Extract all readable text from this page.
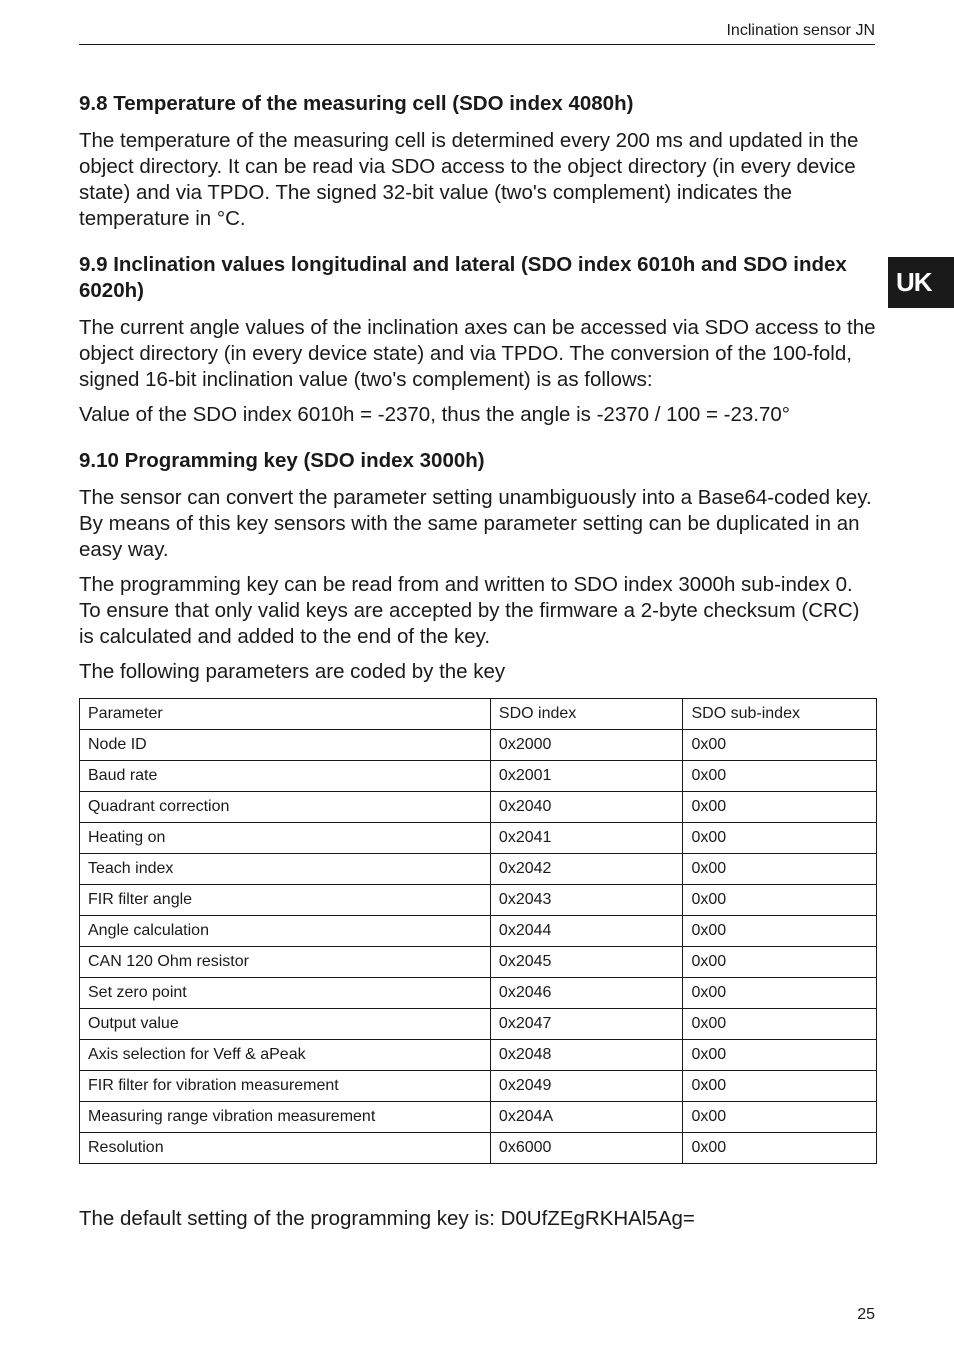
Inclination sensor JN
UK
9.8 Temperature of the measuring cell (SDO index 4080h)

The temperature of the measuring cell is determined every 200 ms and updated in the object directory. It can be read via SDO access to the object directory (in every device state) and via TPDO. The signed 32-bit value (two's complement) indicates the temperature in °C.

9.9 Inclination values longitudinal and lateral (SDO index 6010h and SDO index 6020h)

The current angle values of the inclination axes can be accessed via SDO access to the object directory (in every device state) and via TPDO. The conversion of the 100-fold, signed 16-bit inclination value (two's complement) is as follows:

Value of the SDO index 6010h = -2370, thus the angle is -2370 / 100 = -23.70°

9.10 Programming key (SDO index 3000h)

The sensor can convert the parameter setting unambiguously into a Base64-coded key. By means of this key sensors with the same parameter setting can be duplicated in an easy way.

The programming key can be read from and written to SDO index 3000h sub-index 0. To ensure that only valid keys are accepted by the firmware a 2-byte checksum (CRC) is calculated and added to the end of the key.

The following parameters are coded by the key

Parameter	SDO index	SDO sub-index
Node ID	0x2000	0x00
Baud rate	0x2001	0x00
Quadrant correction	0x2040	0x00
Heating on	0x2041	0x00
Teach index	0x2042	0x00
FIR filter angle	0x2043	0x00
Angle calculation	0x2044	0x00
CAN 120 Ohm resistor	0x2045	0x00
Set zero point	0x2046	0x00
Output value	0x2047	0x00
Axis selection for Veff & aPeak	0x2048	0x00
FIR filter for vibration measurement	0x2049	0x00
Measuring range vibration measurement	0x204A	0x00
Resolution	0x6000	0x00

The default setting of the programming key is: D0UfZEgRKHAl5Ag=

25
